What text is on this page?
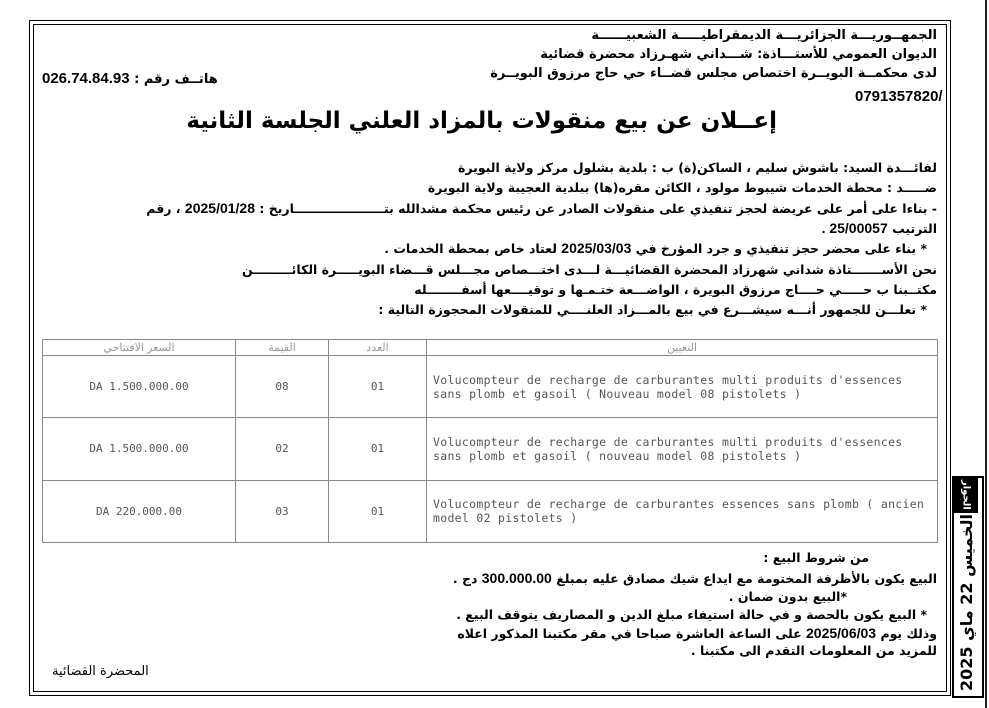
الجمهــوريـــة الجزائريـــة الديمقراطيـــــة الشعبيــــــة
الديوان العمومي للأستـــاذة: شـــداني شهـرزاد محضرة قضائية
لدى محكمــة البويــرة اختصاص مجلس قضــاء حي حاج مرزوق البويــرة
0791357820/
هاتــف رقم : 026.74.84.93
إعــلان عن بيع منقولات بالمزاد العلني الجلسة الثانية
لفائـــدة السيد: باشوش سليم ، الساكن(ة) ب : بلدية بشلول مركز ولاية البويرة
ضـــــد : محطة الخدمات شيبوط مولود ، الكائن مقره(ها) ببلدية العجيبة ولاية البويرة
- بناءا على أمر على عريضة لحجز تنفيذي على منقولات الصادر عن رئيس محكمة مشدالله بتـــــــــــــــــــــاريخ : 2025/01/28 ، رقم
الترتيب 25/00057 .
* بناء على محضر حجز تنفيذي و جرد المؤرخ في 2025/03/03 لعتاد خاص بمحطة الخدمات .
نحن الأســـــــتاذة شداني شهرزاد المحضرة القضائيـــة لـــدى اختـــصاص مجـــلس قـــضاء البويـــــرة الكائـــــــــن
مكتــبنا ب حـــــي حــــاج مرزوق البويرة ، الواضـــعة ختـمـها و توقيــــعها أسفــــــــله
* نعلـــن للجمهور أنـــه سيشـــرع في بيع بالمـــزاد العلنــــي للمنقولات المحجوزة التالية :
السعر الافتتاحي	القيمة	العدد	التعيين
DA 1.500.000.00	08	01	Volucompteur de recharge de carburantes multi produits d'essences sans plomb et gasoil ( Nouveau model 08 pistolets )
DA 1.500.000.00	02	01	Volucompteur de recharge de carburantes multi produits d'essences sans plomb et gasoil ( nouveau model 08 pistolets )
DA 220.000.00	03	01	Volucompteur de recharge de carburantes essences sans plomb ( ancien model 02 pistolets )
من شروط البيع :
البيع يكون بالأظرفة المختومة مع ايداع شيك مصادق عليه بمبلغ 300.000.00 دج .
*البيع بدون ضمان .
* البيع يكون بالحصة و في حالة استيفاء مبلغ الدين و المصاريف يتوقف البيع .
وذلك يوم 2025/06/03 على الساعة العاشرة صباحا في مقر مكتبنا المذكور اعلاه
للمزيد من المعلومات التقدم الى مكتبنا .
المحضرة القضائية
الحوار
الخميس 22 ماي 2025
